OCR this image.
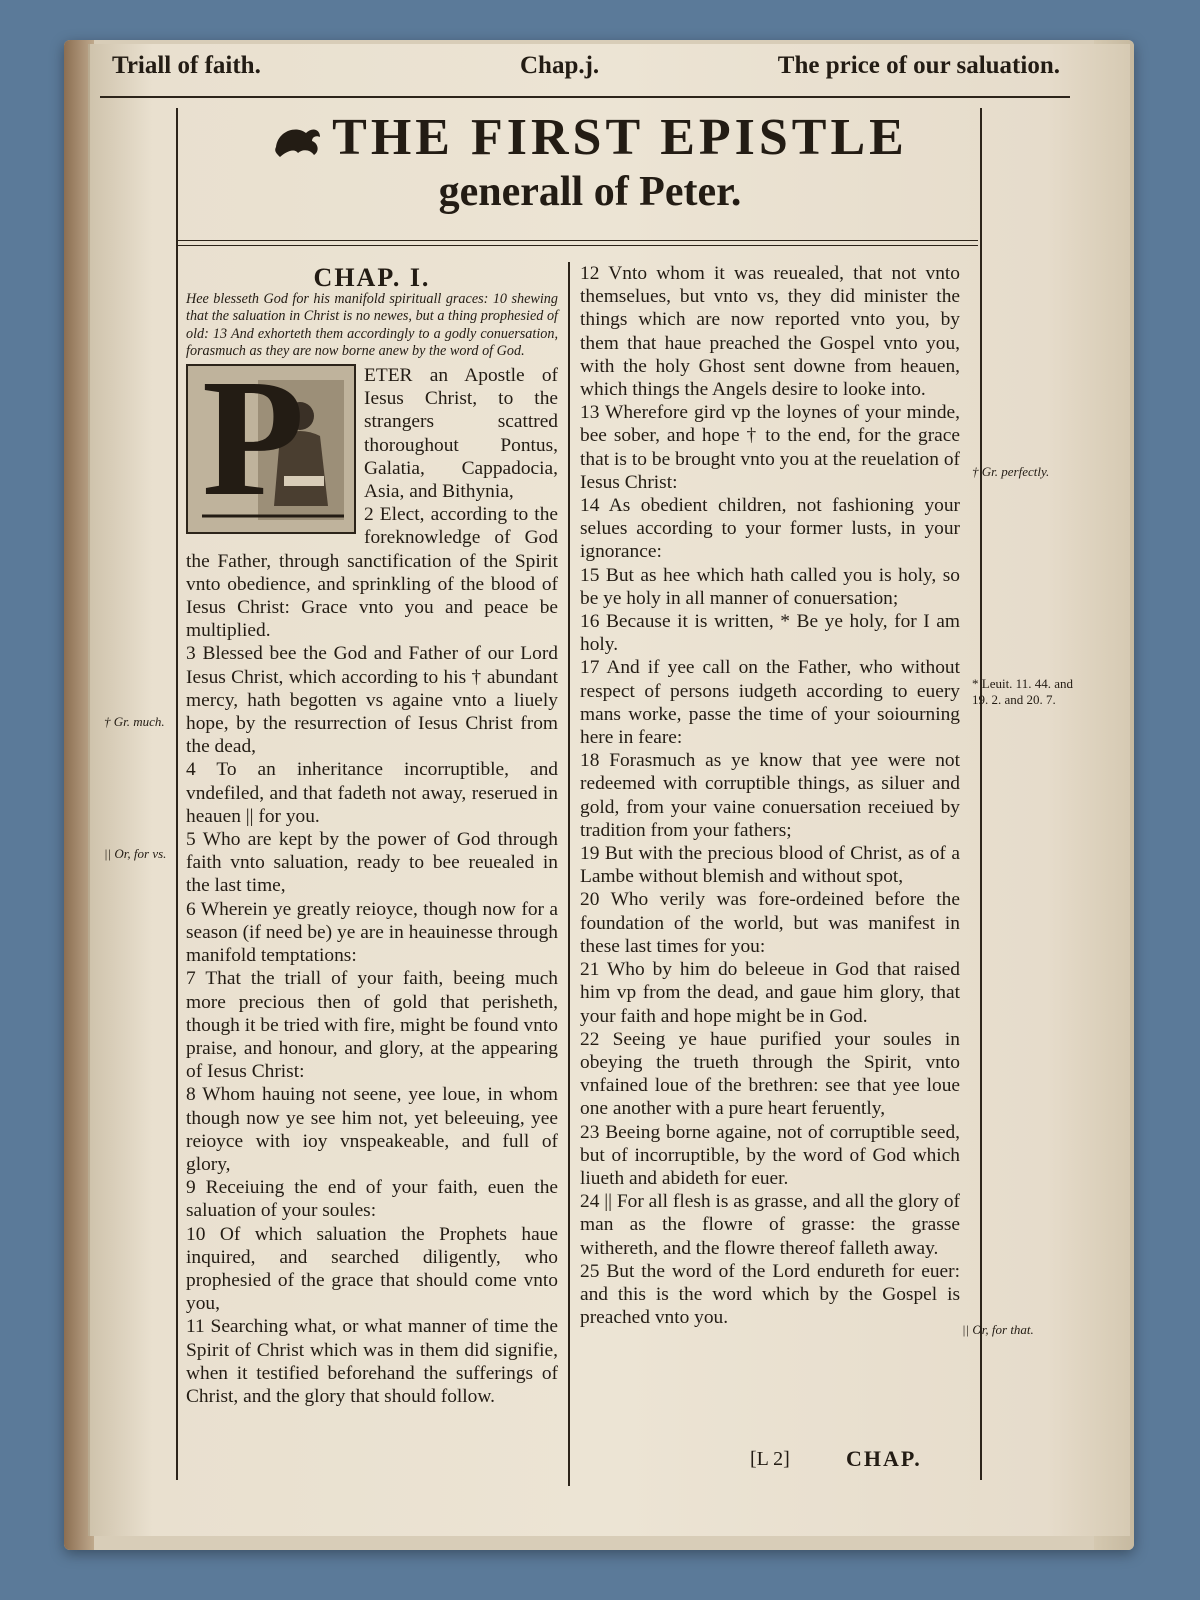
Triall of faith.	Chap.j.	The price of our saluation.
THE FIRST EPISTLE
generall of Peter.

CHAP. I.

Hee blesseth God for his manifold spirituall graces: 10 shewing that the saluation in Christ is no newes, but a thing prophesied of old: 13 And exhorteth them accordingly to a godly conuersation, forasmuch as they are now borne anew by the word of God.

P	ETER an Apostle of Iesus Christ, to the strangers scattred thoroughout Pontus, Galatia, Cappadocia, Asia, and Bithynia,

2 Elect, according to the foreknowledge of God the Father, through sanctification of the Spirit vnto obedience, and sprinkling of the blood of Iesus Christ: Grace vnto you and peace be multiplied.

3 Blessed bee the God and Father of our Lord Iesus Christ, which according to his † abundant mercy, hath begotten vs againe vnto a liuely hope, by the resurrection of Iesus Christ from the dead,

4 To an inheritance incorruptible, and vndefiled, and that fadeth not away, reserued in heauen || for you.

5 Who are kept by the power of God through faith vnto saluation, ready to bee reuealed in the last time,

6 Wherein ye greatly reioyce, though now for a season (if need be) ye are in heauinesse through manifold temptations:

7 That the triall of your faith, beeing much more precious then of gold that perisheth, though it be tried with fire, might be found vnto praise, and honour, and glory, at the appearing of Iesus Christ:

8 Whom hauing not seene, yee loue, in whom though now ye see him not, yet beleeuing, yee reioyce with ioy vnspeakeable, and full of glory,

9 Receiuing the end of your faith, euen the saluation of your soules:

10 Of which saluation the Prophets haue inquired, and searched diligently, who prophesied of the grace that should come vnto you,

11 Searching what, or what manner of time the Spirit of Christ which was in them did signifie, when it testified beforehand the sufferings of Christ, and the glory that should follow.

12 Vnto whom it was reuealed, that not vnto themselues, but vnto vs, they did minister the things which are now reported vnto you, by them that haue preached the Gospel vnto you, with the holy Ghost sent downe from heauen, which things the Angels desire to looke into.

13 Wherefore gird vp the loynes of your minde, bee sober, and hope † to the end, for the grace that is to be brought vnto you at the reuelation of Iesus Christ:

14 As obedient children, not fashioning your selues according to your former lusts, in your ignorance:

15 But as hee which hath called you is holy, so be ye holy in all manner of conuersation;

16 Because it is written, * Be ye holy, for I am holy.

17 And if yee call on the Father, who without respect of persons iudgeth according to euery mans worke, passe the time of your soiourning here in feare:

18 Forasmuch as ye know that yee were not redeemed with corruptible things, as siluer and gold, from your vaine conuersation receiued by tradition from your fathers;

19 But with the precious blood of Christ, as of a Lambe without blemish and without spot,

20 Who verily was fore-ordeined before the foundation of the world, but was manifest in these last times for you:

21 Who by him do beleeue in God that raised him vp from the dead, and gaue him glory, that your faith and hope might be in God.

22 Seeing ye haue purified your soules in obeying the trueth through the Spirit, vnto vnfained loue of the brethren: see that yee loue one another with a pure heart feruently,

23 Beeing borne againe, not of corruptible seed, but of incorruptible, by the word of God which liueth and abideth for euer.

24 || For all flesh is as grasse, and all the glory of man as the flowre of grasse: the grasse withereth, and the flowre thereof falleth away.

25 But the word of the Lord endureth for euer: and this is the word which by the Gospel is preached vnto you.

† Gr. much.
|| Or, for vs.
† Gr. perfectly.
* Leuit. 11. 44. and 19. 2. and 20. 7.
|| Or, for that.
[L 2]	CHAP.
